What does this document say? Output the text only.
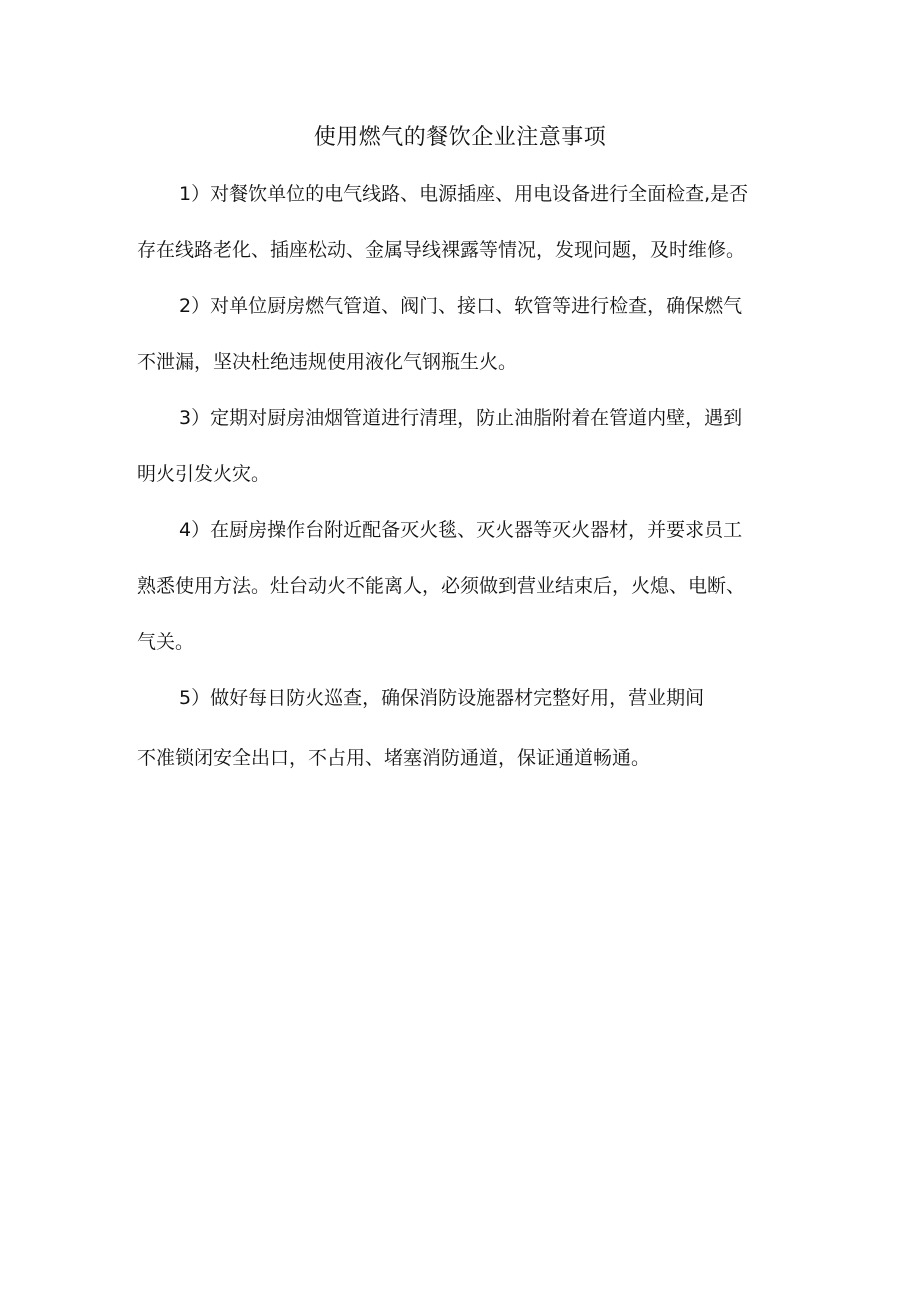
使用燃气的餐饮企业注意事项
1）对餐饮单位的电气线路、电源插座、用电设备进行全面检查,是否
存在线路老化、插座松动、金属导线裸露等情况，发现问题，及时维修。
2）对单位厨房燃气管道、阀门、接口、软管等进行检查，确保燃气
不泄漏，坚决杜绝违规使用液化气钢瓶生火。
3）定期对厨房油烟管道进行清理，防止油脂附着在管道内壁，遇到
明火引发火灾。
4）在厨房操作台附近配备灭火毯、灭火器等灭火器材，并要求员工
熟悉使用方法。灶台动火不能离人，必须做到营业结束后，火熄、电断、
气关。
5）做好每日防火巡查，确保消防设施器材完整好用，营业期间
不准锁闭安全出口，不占用、堵塞消防通道，保证通道畅通。
